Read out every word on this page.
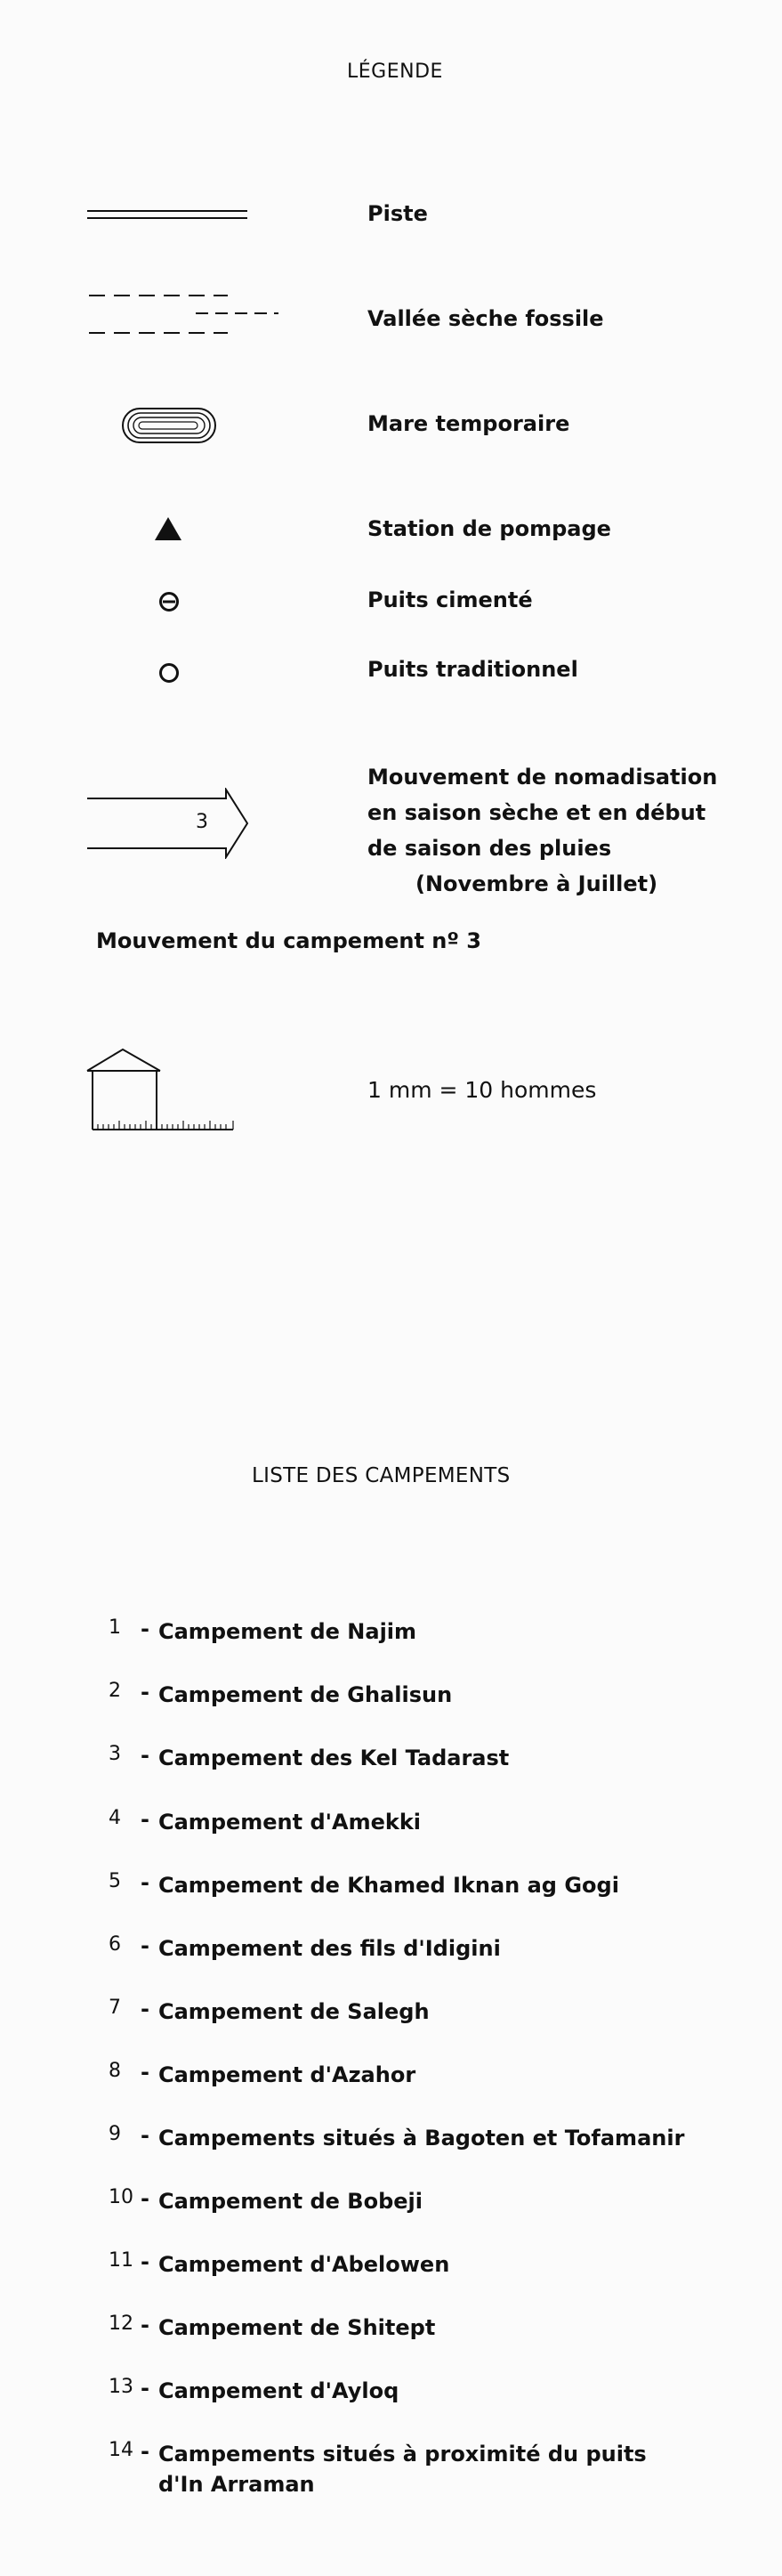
LÉGENDE
Piste
Vallée sèche fossile
Mare temporaire
Station de pompage
Puits cimenté
Puits traditionnel
3
Mouvement de nomadisation
en saison sèche et en début
de saison des pluies
(Novembre à Juillet)
Mouvement du campement nº 3
1 mm = 10 hommes
LISTE DES CAMPEMENTS
1 - Campement de Najim
2 - Campement de Ghalisun
3 - Campement des Kel Tadarast
4 - Campement d'Amekki
5 - Campement de Khamed Iknan ag Gogi
6 - Campement des fils d'Idigini
7 - Campement de Salegh
8 - Campement d'Azahor
9 - Campements situés à Bagoten et Tofamanir
10 - Campement de Bobeji
11 - Campement d'Abelowen
12 - Campement de Shitept
13 - Campement d'Ayloq
14 - Campements situés à proximité du puits d'In Arraman
